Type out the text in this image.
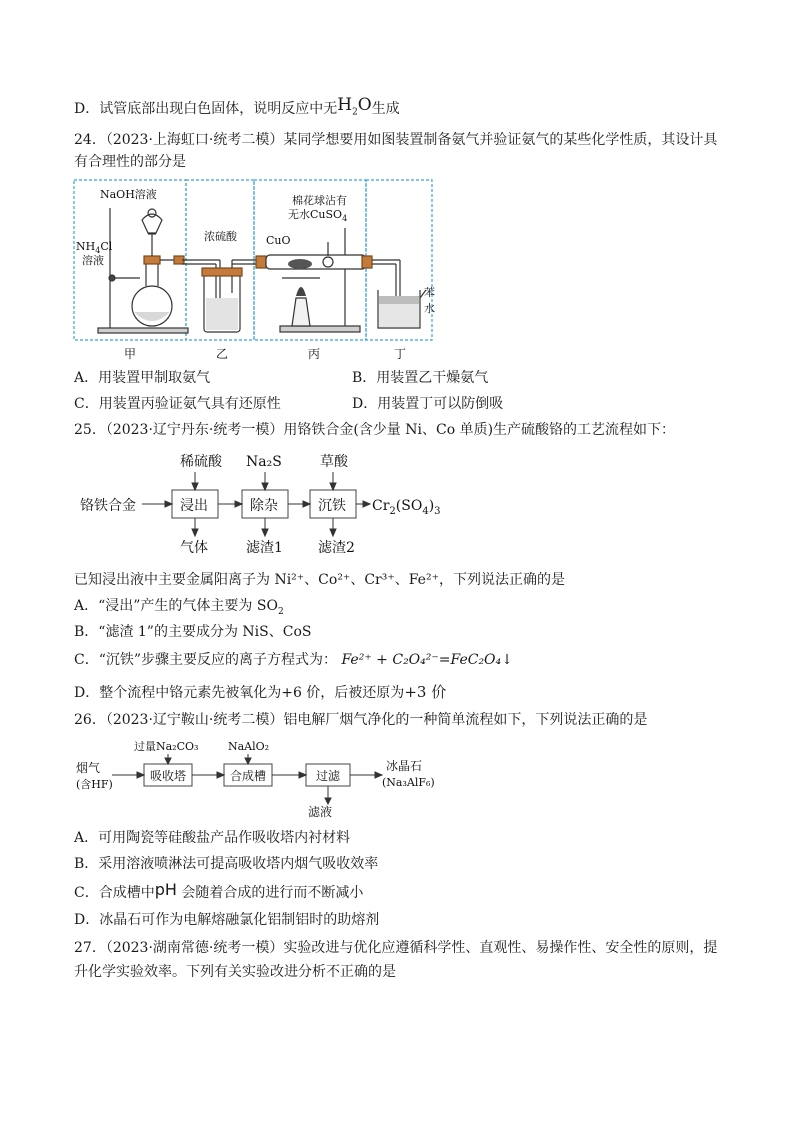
D．试管底部出现白色固体，说明反应中无$H_2O$生成
24．（2023·上海虹口·统考二模）某同学想要用如图装置制备氨气并验证氨气的某些化学性质，其设计具
有合理性的部分是
NaOH溶液
$NH_4Cl$
溶液
浓硫酸
棉花球沾有
无水CuSO$_4$
CuO
苯
水
甲	乙	丙	丁
A．用装置甲制取氨气	B．用装置乙干燥氨气
C．用装置丙验证氨气具有还原性	D．用装置丁可以防倒吸
25．（2023·辽宁丹东·统考一模）用铬铁合金(含少量 Ni、Co 单质)生产硫酸铬的工艺流程如下：
铬铁合金
稀硫酸 Na₂S	草酸
气体	滤渣1	滤渣2
浸出	除杂	沉铁 $Cr_2(SO_4)_3$
已知浸出液中主要金属阳离子为 Ni²⁺、Co²⁺、Cr³⁺、Fe²⁺，下列说法正确的是
A．“浸出”产生的气体主要为 $SO_2$
B．“滤渣 1”的主要成分为 NiS、CoS
C．“沉铁”步骤主要反应的离子方程式为： Fe²⁺ + C₂O₄²⁻=FeC₂O₄↓
D．整个流程中铬元素先被氧化为+6 价，后被还原为+3 价
26．（2023·辽宁鞍山·统考二模）铝电解厂烟气净化的一种简单流程如下，下列说法正确的是
烟气
(含HF)
过量Na₂CO₃	NaAlO₂
冰晶石
(Na₃AlF₆)
滤液
吸收塔	合成槽	过滤
A．可用陶瓷等硅酸盐产品作吸收塔内衬材料
B．采用溶液喷淋法可提高吸收塔内烟气吸收效率
C．合成槽中pH 会随着合成的进行而不断减小
D．冰晶石可作为电解熔融氯化铝制铝时的助熔剂
27．（2023·湖南常德·统考一模）实验改进与优化应遵循科学性、直观性、易操作性、安全性的原则，提
升化学实验效率。下列有关实验改进分析不正确的是
